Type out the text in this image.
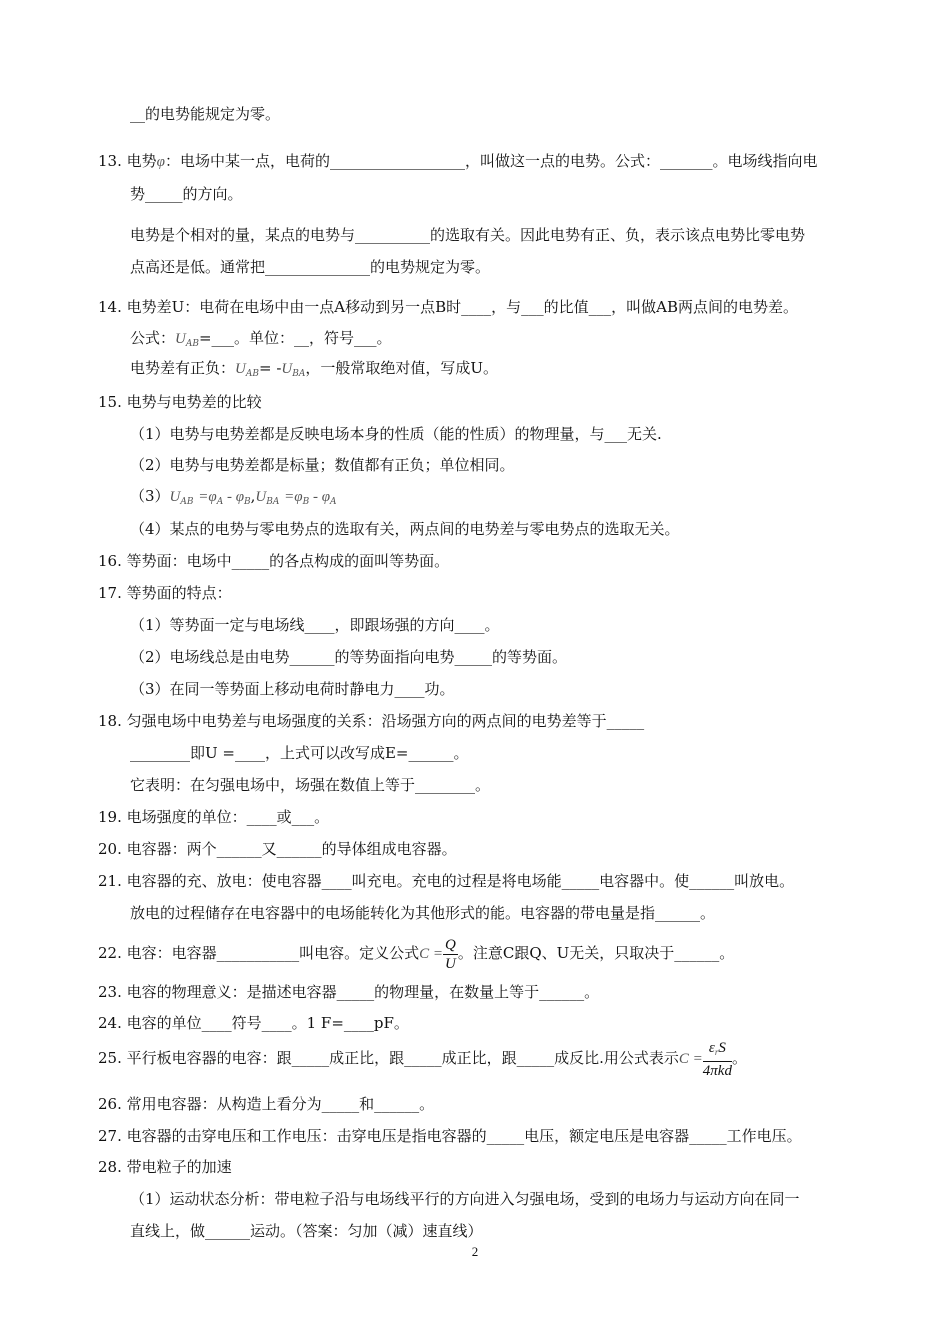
__的电势能规定为零。
13. 电势φ：电场中某一点，电荷的__________________，叫做这一点的电势。公式：_______。电场线指向电
势_____的方向。
电势是个相对的量，某点的电势与__________的选取有关。因此电势有正、负，表示该点电势比零电势
点高还是低。通常把______________的电势规定为零。
14. 电势差U：电荷在电场中由一点A移动到另一点B时____，与___的比值___，叫做AB两点间的电势差。
公式：$U_{AB}=\_\_\_$。单位：__，符号___。
电势差有正负：$U_{AB}= -U_{BA}$，一般常取绝对值，写成U。
15. 电势与电势差的比较
（1）电势与电势差都是反映电场本身的性质（能的性质）的物理量，与___无关.
（2）电势与电势差都是标量；数值都有正负；单位相同。
$(3)U_{AB} =\varphi_A - \varphi_B,U_{BA} =\varphi_B - \varphi_A$
（4）某点的电势与零电势点的选取有关，两点间的电势差与零电势点的选取无关。
16. 等势面：电场中_____的各点构成的面叫等势面。
17. 等势面的特点：
（1）等势面一定与电场线____，即跟场强的方向____。
（2）电场线总是由电势______的等势面指向电势_____的等势面。
（3）在同一等势面上移动电荷时静电力____功。
18. 匀强电场中电势差与电场强度的关系：沿场强方向的两点间的电势差等于_____
________即U =____，上式可以改写成E=______。
它表明：在匀强电场中，场强在数值上等于________。
19. 电场强度的单位：____或___。
20. 电容器：两个______又______的导体组成电容器。
21. 电容器的充、放电：使电容器____叫充电。充电的过程是将电场能_____电容器中。使______叫放电。
放电的过程储存在电容器中的电场能转化为其他形式的能。电容器的带电量是指______。
22. 电容：电容器___________叫电容。定义公式$C = \frac{Q}{U}$ 。注意C跟Q、U无关，只取决于______。
23. 电容的物理意义：是描述电容器_____的物理量，在数量上等于______。
24. 电容的单位____符号____。1 F=____pF。
25. 平行板电容器的电容：跟_____成正比，跟_____成正比，跟_____成反比.用公式表示$C = \frac{\varepsilon_rS}{\text{4πkd}}$ 。
26. 常用电容器：从构造上看分为_____和______。
27. 电容器的击穿电压和工作电压：击穿电压是指电容器的_____电压，额定电压是电容器_____工作电压。
28. 带电粒子的加速
（1）运动状态分析：带电粒子沿与电场线平行的方向进入匀强电场，受到的电场力与运动方向在同一
直线上，做______运动。（答案：匀加（减）速直线）
2
